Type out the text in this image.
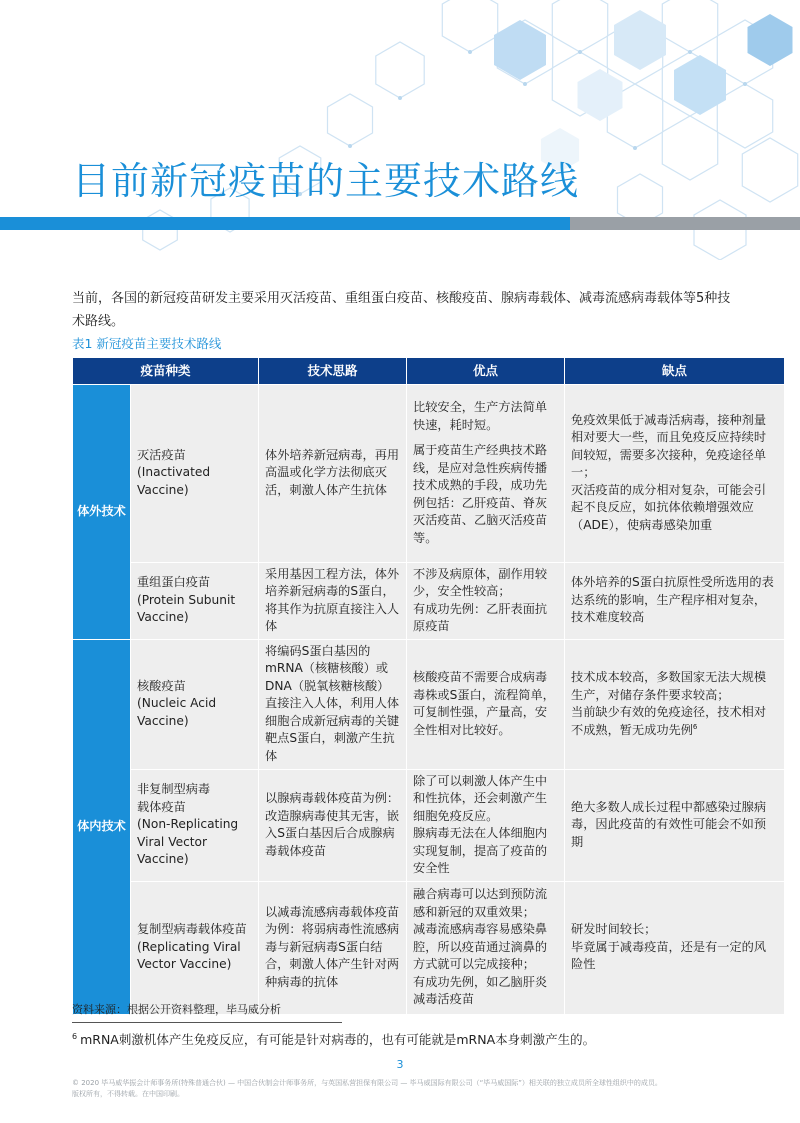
目前新冠疫苗的主要技术路线

当前，各国的新冠疫苗研发主要采用灭活疫苗、重组蛋白疫苗、核酸疫苗、腺病毒载体、减毒流感病毒载体等5种技术路线。

表1 新冠疫苗主要技术路线
疫苗种类		技术思路	优点	缺点
体外技术	灭活疫苗
(Inactivated
Vaccine)	体外培养新冠病毒，再用高温或化学方法彻底灭活，刺激人体产生抗体	比较安全，生产方法简单快速，耗时短。
属于疫苗生产经典技术路线，是应对急性疾病传播技术成熟的手段，成功先例包括：乙肝疫苗、脊灰灭活疫苗、乙脑灭活疫苗等。	免疫效果低于减毒活病毒，接种剂量相对要大一些，而且免疫反应持续时间较短，需要多次接种，免疫途径单一；
灭活疫苗的成分相对复杂，可能会引起不良反应，如抗体依赖增强效应（ADE），使病毒感染加重

	重组蛋白疫苗
(Protein Subunit
Vaccine)	采用基因工程方法，体外培养新冠病毒的S蛋白，将其作为抗原直接注入人体	不涉及病原体，副作用较少，安全性较高；
有成功先例：乙肝表面抗原疫苗	体外培养的S蛋白抗原性受所选用的表达系统的影响，生产程序相对复杂，技术难度较高
体内技术	核酸疫苗
(Nucleic Acid
Vaccine)	将编码S蛋白基因的mRNA（核糖核酸）或DNA（脱氧核糖核酸）直接注入人体，利用人体细胞合成新冠病毒的关键靶点S蛋白，刺激产生抗体	核酸疫苗不需要合成病毒毒株或S蛋白，流程简单，可复制性强，产量高，安全性相对比较好。	技术成本较高，多数国家无法大规模生产，对储存条件要求较高；
当前缺少有效的免疫途径，技术相对不成熟，暂无成功先例$^6$

	非复制型病毒
载体疫苗
(Non-Replicating
Viral Vector
Vaccine)	以腺病毒载体疫苗为例：改造腺病毒使其无害，嵌入S蛋白基因后合成腺病毒载体疫苗	除了可以刺激人体产生中和性抗体，还会刺激产生细胞免疫反应。
腺病毒无法在人体细胞内实现复制，提高了疫苗的安全性	绝大多数人成长过程中都感染过腺病毒，因此疫苗的有效性可能会不如预期

	复制型病毒载体疫苗
(Replicating Viral
Vector Vaccine)	以减毒流感病毒载体疫苗为例：将弱病毒性流感病毒与新冠病毒S蛋白结合，刺激人体产生针对两种病毒的抗体	融合病毒可以达到预防流感和新冠的双重效果；
减毒流感病毒容易感染鼻腔，所以疫苗通过滴鼻的方式就可以完成接种；
有成功先例，如乙脑肝炎减毒活疫苗	研发时间较长；
毕竟属于减毒疫苗，还是有一定的风险性
资料来源：根据公开资料整理，毕马威分析
$^6$ mRNA刺激机体产生免疫反应，有可能是针对病毒的，也有可能就是mRNA本身刺激产生的。
3
© 2020 毕马威华振会计师事务所(特殊普通合伙) — 中国合伙制会计师事务所，与英国私营担保有限公司 — 毕马威国际有限公司（“毕马威国际”）相关联的独立成员所全球性组织中的成员。
版权所有，不得转载。在中国印刷。
